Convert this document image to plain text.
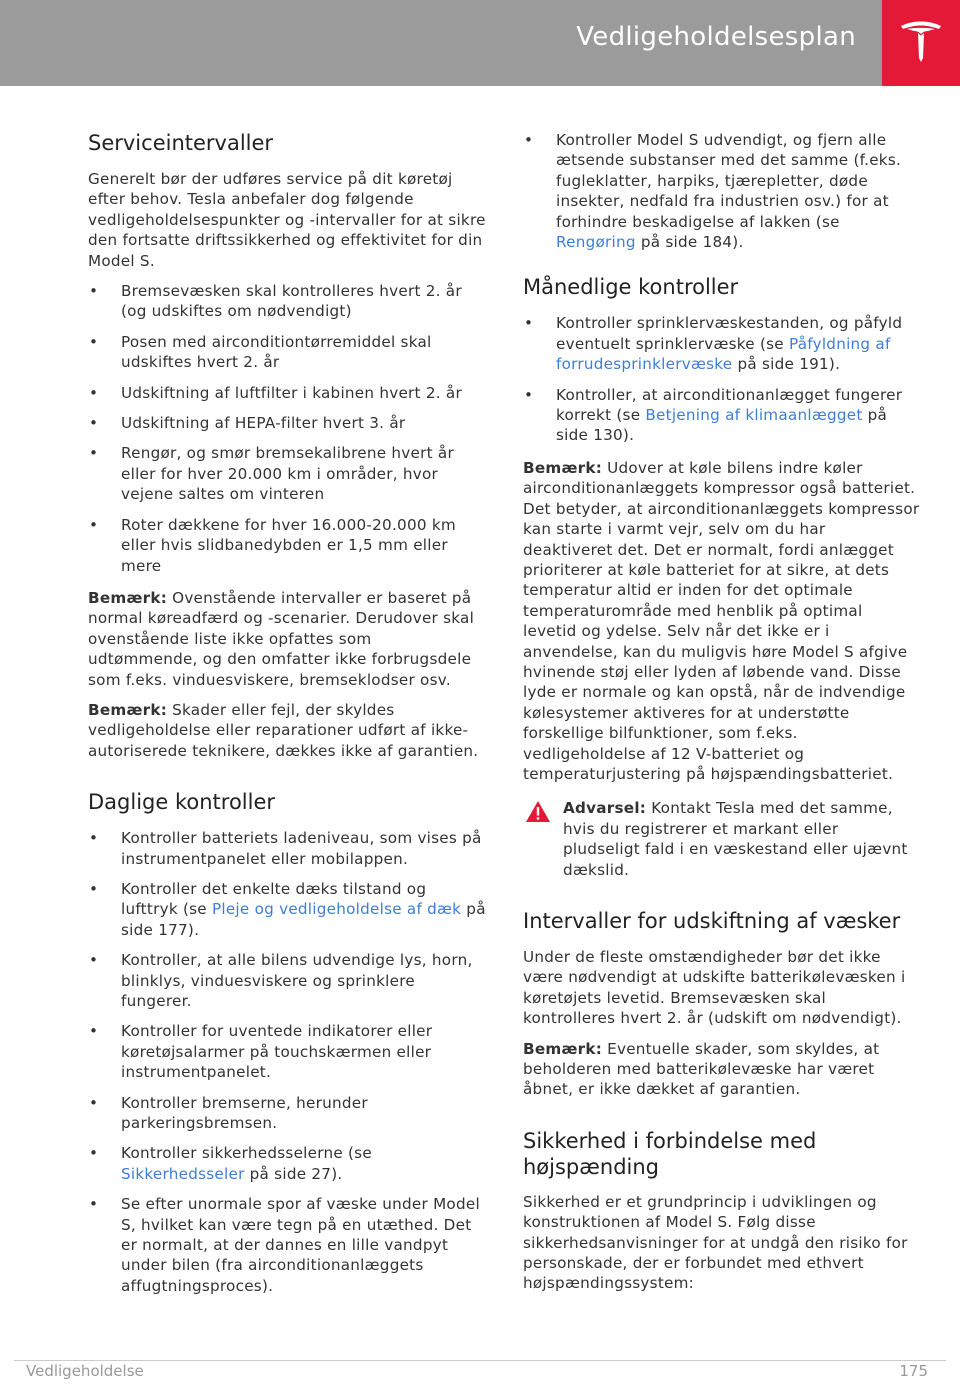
Vedligeholdelsesplan
Serviceintervaller

Generelt bør der udføres service på dit køretøj efter behov. Tesla anbefaler dog følgende vedligeholdelsespunkter og -intervaller for at sikre den fortsatte driftssikkerhed og effektivitet for din Model S.

• Bremsevæsken skal kontrolleres hvert 2. år (og udskiftes om nødvendigt)
• Posen med airconditiontørremiddel skal udskiftes hvert 2. år
• Udskiftning af luftfilter i kabinen hvert 2. år
• Udskiftning af HEPA-filter hvert 3. år
• Rengør, og smør bremsekalibrene hvert år eller for hver 20.000 km i områder, hvor vejene saltes om vinteren
• Roter dækkene for hver 16.000-20.000 km eller hvis slidbanedybden er 1,5 mm eller mere

Bemærk: Ovenstående intervaller er baseret på normal køreadfærd og -scenarier. Derudover skal ovenstående liste ikke opfattes som udtømmende, og den omfatter ikke forbrugsdele som f.eks. vinduesviskere, bremseklodser osv.

Bemærk: Skader eller fejl, der skyldes vedligeholdelse eller reparationer udført af ikke-autoriserede teknikere, dækkes ikke af garantien.

Daglige kontroller
• Kontroller batteriets ladeniveau, som vises på instrumentpanelet eller mobilappen.
• Kontroller det enkelte dæks tilstand og lufttryk (se Pleje og vedligeholdelse af dæk på side 177).
• Kontroller, at alle bilens udvendige lys, horn, blinklys, vinduesviskere og sprinklere fungerer.
• Kontroller for uventede indikatorer eller køretøjsalarmer på touchskærmen eller instrumentpanelet.
• Kontroller bremserne, herunder parkeringsbremsen.
• Kontroller sikkerhedsselerne (se Sikkerhedsseler på side 27).
• Se efter unormale spor af væske under Model S, hvilket kan være tegn på en utæthed. Det er normalt, at der dannes en lille vandpyt under bilen (fra airconditionanlæggets affugtningsproces).
• Kontroller Model S udvendigt, og fjern alle ætsende substanser med det samme (f.eks. fugleklatter, harpiks, tjærepletter, døde insekter, nedfald fra industrien osv.) for at forhindre beskadigelse af lakken (se Rengøring på side 184).
Månedlige kontroller
• Kontroller sprinklervæskestanden, og påfyld eventuelt sprinklervæske (se Påfyldning af forrudesprinklervæske på side 191).
• Kontroller, at airconditionanlægget fungerer korrekt (se Betjening af klimaanlægget på side 130).

Bemærk: Udover at køle bilens indre køler airconditionanlæggets kompressor også batteriet. Det betyder, at airconditionanlæggets kompressor kan starte i varmt vejr, selv om du har deaktiveret det. Det er normalt, fordi anlægget prioriterer at køle batteriet for at sikre, at dets temperatur altid er inden for det optimale temperaturområde med henblik på optimal levetid og ydelse. Selv når det ikke er i anvendelse, kan du muligvis høre Model S afgive hvinende støj eller lyden af løbende vand. Disse lyde er normale og kan opstå, når de indvendige kølesystemer aktiveres for at understøtte forskellige bilfunktioner, som f.eks. vedligeholdelse af 12 V-batteriet og temperaturjustering på højspændingsbatteriet.

Advarsel: Kontakt Tesla med det samme, hvis du registrerer et markant eller pludseligt fald i en væskestand eller ujævnt dækslid.

Intervaller for udskiftning af væsker

Under de fleste omstændigheder bør det ikke være nødvendigt at udskifte batterikølevæsken i køretøjets levetid. Bremsevæsken skal kontrolleres hvert 2. år (udskift om nødvendigt).

Bemærk: Eventuelle skader, som skyldes, at beholderen med batterikølevæske har været åbnet, er ikke dækket af garantien.

Sikkerhed i forbindelse med
højspænding

Sikkerhed er et grundprincip i udviklingen og konstruktionen af Model S. Følg disse sikkerhedsanvisninger for at undgå den risiko for personskade, der er forbundet med ethvert højspændingssystem:

Vedligeholdelse	175
